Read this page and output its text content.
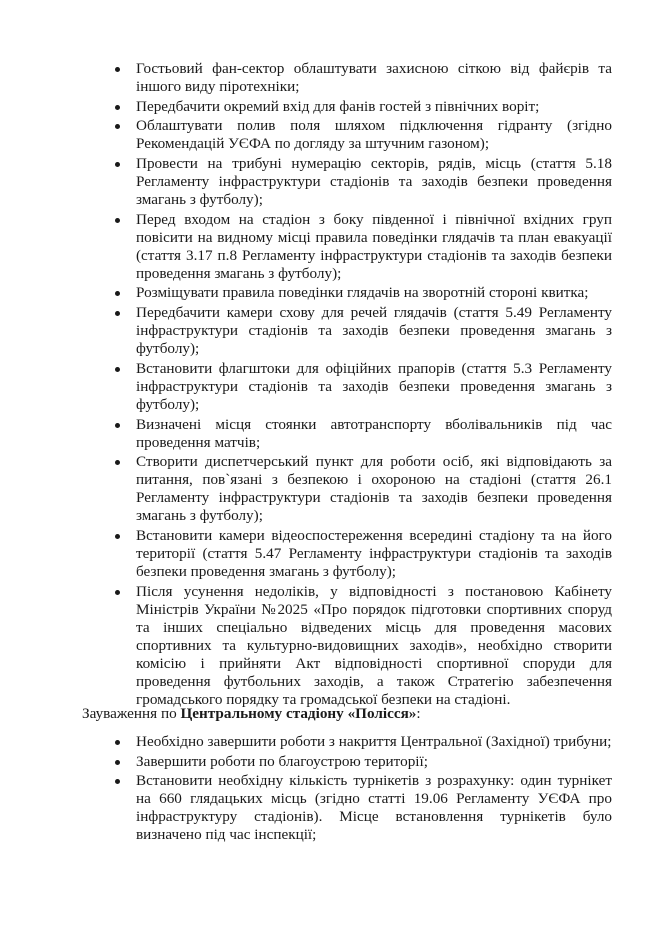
Гостьовий фан-сектор облаштувати захисною сіткою від файєрів та іншого виду піротехніки;
Передбачити окремий вхід для фанів гостей з північних воріт;
Облаштувати полив поля шляхом підключення гідранту (згідно Рекомендацій УЄФА по догляду за штучним газоном);
Провести на трибуні нумерацію секторів, рядів, місць (стаття 5.18 Регламенту інфраструктури стадіонів та заходів безпеки проведення змагань з футболу);
Перед входом на стадіон з боку південної і північної вхідних груп повісити на видному місці правила поведінки глядачів та план евакуації (стаття 3.17 п.8 Регламенту інфраструктури стадіонів та заходів безпеки проведення змагань з футболу);
Розміщувати правила поведінки глядачів на зворотній стороні квитка;
Передбачити камери схову для речей глядачів (стаття 5.49 Регламенту інфраструктури стадіонів та заходів безпеки проведення змагань з футболу);
Встановити флагштоки для офіційних прапорів (стаття 5.3 Регламенту інфраструктури стадіонів та заходів безпеки проведення змагань з футболу);
Визначені місця стоянки автотранспорту вболівальників під час проведення матчів;
Створити диспетчерський пункт для роботи осіб, які відповідають за питання, пов`язані з безпекою і охороною на стадіоні (стаття 26.1 Регламенту інфраструктури стадіонів та заходів безпеки проведення змагань з футболу);
Встановити камери відеоспостереження всередині стадіону та на його території (стаття 5.47 Регламенту інфраструктури стадіонів та заходів безпеки проведення змагань з футболу);
Після усунення недоліків, у відповідності з постановою Кабінету Міністрів України №2025 «Про порядок підготовки спортивних споруд та інших спеціально відведених місць для проведення масових спортивних та культурно-видовищних заходів», необхідно створити комісію і прийняти Акт відповідності спортивної споруди для проведення футбольних заходів, а також Стратегію забезпечення громадського порядку та громадської безпеки на стадіоні.
Зауваження по Центральному стадіону «Полісся»:
Необхідно завершити роботи з накриття Центральної (Західної) трибуни;
Завершити роботи по благоустрою території;
Встановити необхідну кількість турнікетів з розрахунку: один турнікет на 660 глядацьких місць (згідно статті 19.06 Регламенту УЄФА про інфраструктуру стадіонів). Місце встановлення турнікетів було визначено під час інспекції;
